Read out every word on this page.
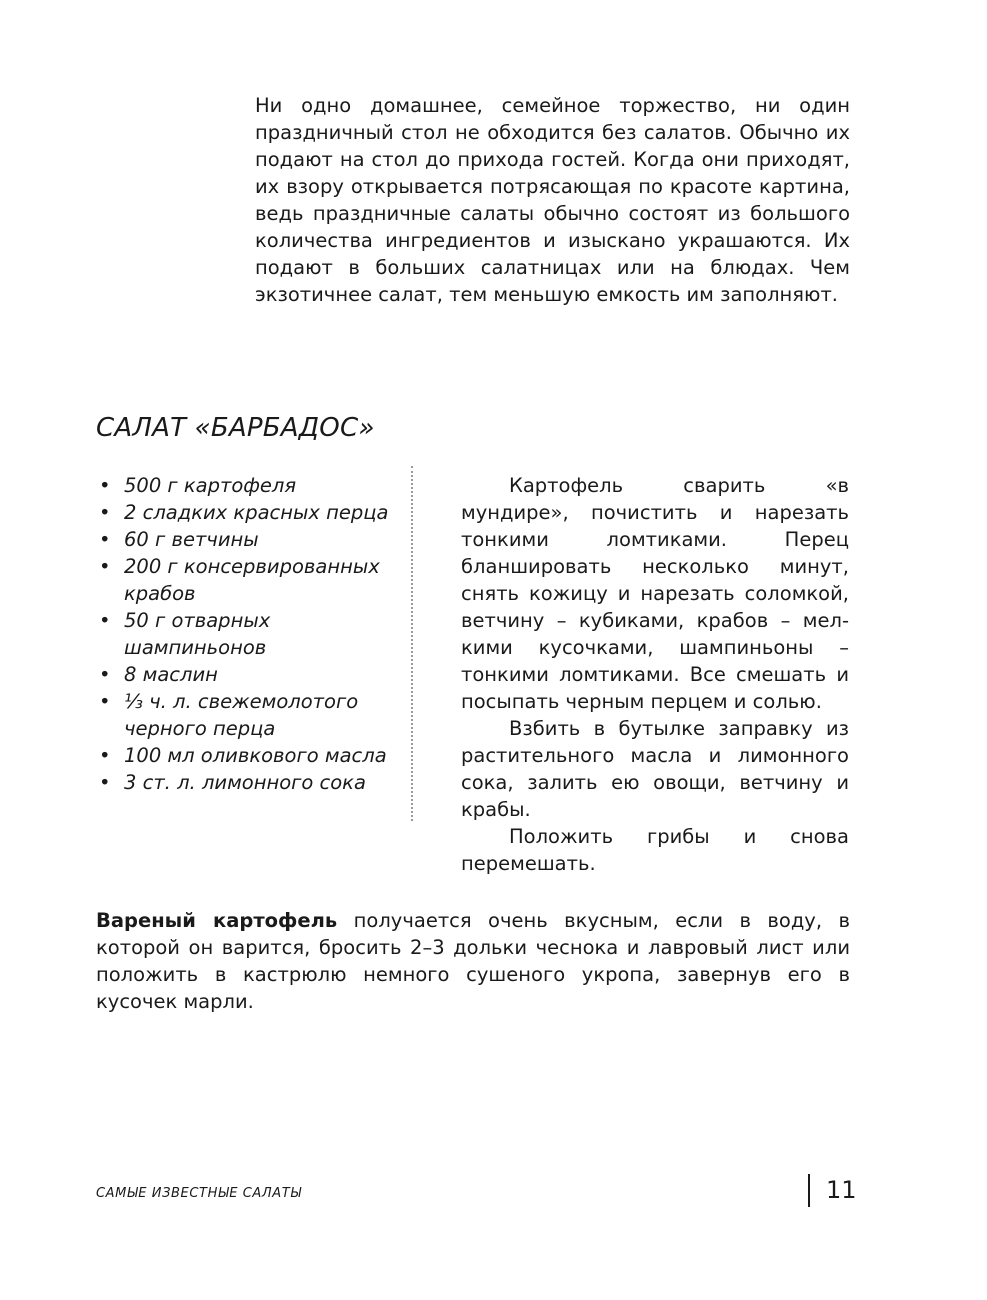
Ни одно домашнее, семейное торжество, ни один праздничный стол не обходится без салатов. Обычно их подают на стол до прихода гостей. Когда они приходят, их взору открывается потрясающая по красоте картина, ведь праздничные салаты обычно состоят из большого количества ингредиентов и изыскано украшаются. Их подают в больших салатницах или на блюдах. Чем экзотичнее салат, тем меньшую емкость им заполняют.

САЛАТ «БАРБАДОС»
• 500 г картофеля
• 2 сладких красных перца
• 60 г ветчины
• 200 г консервированных крабов
• 50 г отварных шампиньонов
• 8 маслин
• ⅓ ч. л. свежемолотого черного перца
• 100 мл оливкового масла
• 3 ст. л. лимонного сока

Картофель сварить «в мундире», почистить и нарезать тонкими ломтиками. Перец бланшировать несколько минут, снять кожицу и нарезать соломкой, ветчину – кубиками, крабов – мелкими кусочками, шампиньоны – тонкими ломтиками. Все смешать и посыпать черным перцем и солью.

Взбить в бутылке заправку из растительного масла и лимонного сока, залить ею овощи, ветчину и крабы.

Положить грибы и снова перемешать.

Вареный картофель получается очень вкусным, если в воду, в которой он варится, бросить 2–3 дольки чеснока и лавровый лист или положить в кастрюлю немного сушеного укропа, завернув его в кусочек марли.

САМЫЕ ИЗВЕСТНЫЕ САЛАТЫ	11
